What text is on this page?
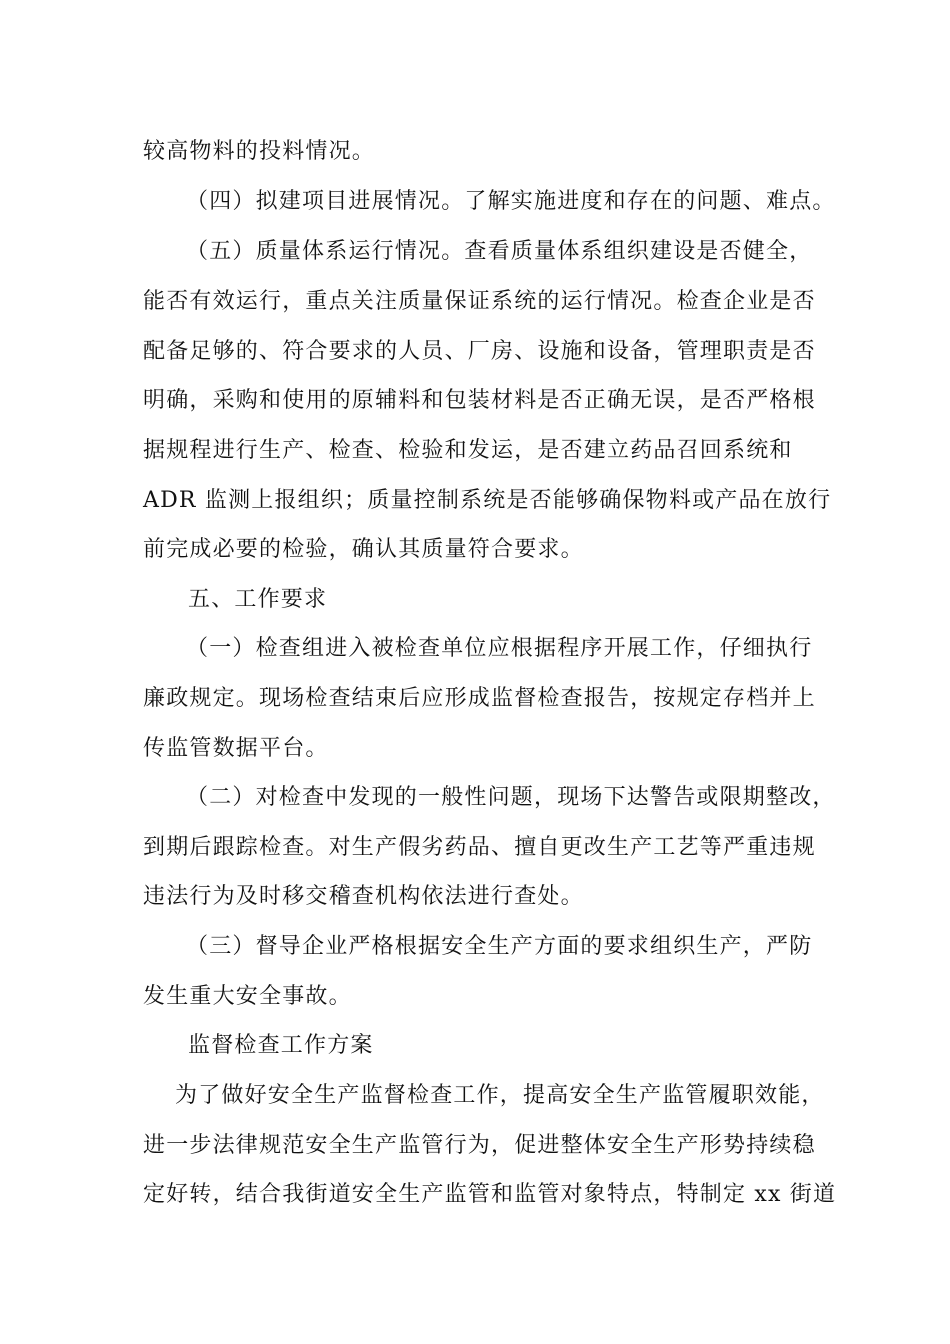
较高物料的投料情况。
（四）拟建项目进展情况。了解实施进度和存在的问题、难点。
（五）质量体系运行情况。查看质量体系组织建设是否健全，
能否有效运行，重点关注质量保证系统的运行情况。检查企业是否
配备足够的、符合要求的人员、厂房、设施和设备，管理职责是否
明确，采购和使用的原辅料和包装材料是否正确无误，是否严格根
据规程进行生产、检查、检验和发运，是否建立药品召回系统和
ADR 监测上报组织；质量控制系统是否能够确保物料或产品在放行
前完成必要的检验，确认其质量符合要求。
五、工作要求
（一）检查组进入被检查单位应根据程序开展工作，仔细执行
廉政规定。现场检查结束后应形成监督检查报告，按规定存档并上
传监管数据平台。
（二）对检查中发现的一般性问题，现场下达警告或限期整改，
到期后跟踪检查。对生产假劣药品、擅自更改生产工艺等严重违规
违法行为及时移交稽查机构依法进行查处。
（三）督导企业严格根据安全生产方面的要求组织生产，严防
发生重大安全事故。
监督检查工作方案
为了做好安全生产监督检查工作，提高安全生产监管履职效能，
进一步法律规范安全生产监管行为，促进整体安全生产形势持续稳
定好转，结合我街道安全生产监管和监管对象特点，特制定 xx 街道
